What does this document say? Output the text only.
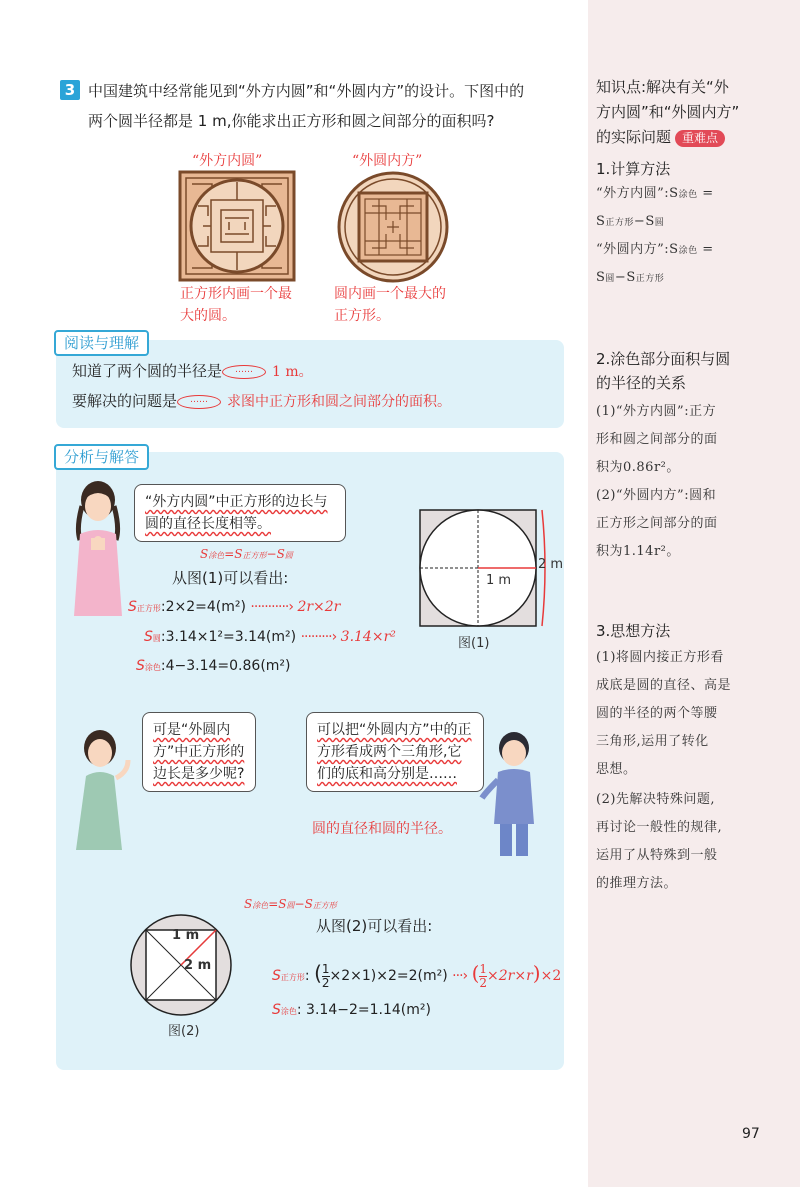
知识点:解决有关“外
方内圆”和“外圆内方”
的实际问题 重难点
1.计算方法
“外方内圆”:S涂色 =
S正方形−S圆
“外圆内方”:S涂色 =
S圆−S正方形
2.涂色部分面积与圆
的半径的关系
(1)“外方内圆”:正方
形和圆之间部分的面
积为0.86r²。
(2)“外圆内方”:圆和
正方形之间部分的面
积为1.14r²。
3.思想方法
(1)将圆内接正方形看
成底是圆的直径、高是
圆的半径的两个等腰
三角形,运用了转化
思想。
(2)先解决特殊问题,
再讨论一般性的规律,
运用了从特殊到一般
的推理方法。
3 中国建筑中经常能见到“外方内圆”和“外圆内方”的设计。下图中的
两个圆半径都是 1 m,你能求出正方形和圆之间部分的面积吗?
“外方内圆”	“外圆内方”
正方形内画一个最
大的圆。
圆内画一个最大的
正方形。
阅读与理解
知道了两个圆的半径是 …… 1 m。
要解决的问题是 …… 求图中正方形和圆之间部分的面积。
分析与解答
“外方内圆”中正方形的边长与圆的直径长度相等。
S涂色=S正方形−S圆
从图(1)可以看出:
S正方形:2×2=4(m²) ···········› 2r×2r
S圆:3.14×1²=3.14(m²) ·········› 3.14×r²
S涂色:4−3.14=0.86(m²)
1 m
2 m
图(1)
可是“外圆内方”中正方形的边长是多少呢?
可以把“外圆内方”中的正方形看成两个三角形,它们的底和高分别是……
圆的直径和圆的半径。
S涂色=S圆−S正方形
从图(2)可以看出:
1 m
2 m
图(2)
S正方形: ( $\frac{1}{2} \times 2\times 1)\times 2=2(m^2)$ ···› ( $\frac{1}{2} \times 2r\times r)\times 2$
S涂色: 3.14−2=1.14(m²)
97
